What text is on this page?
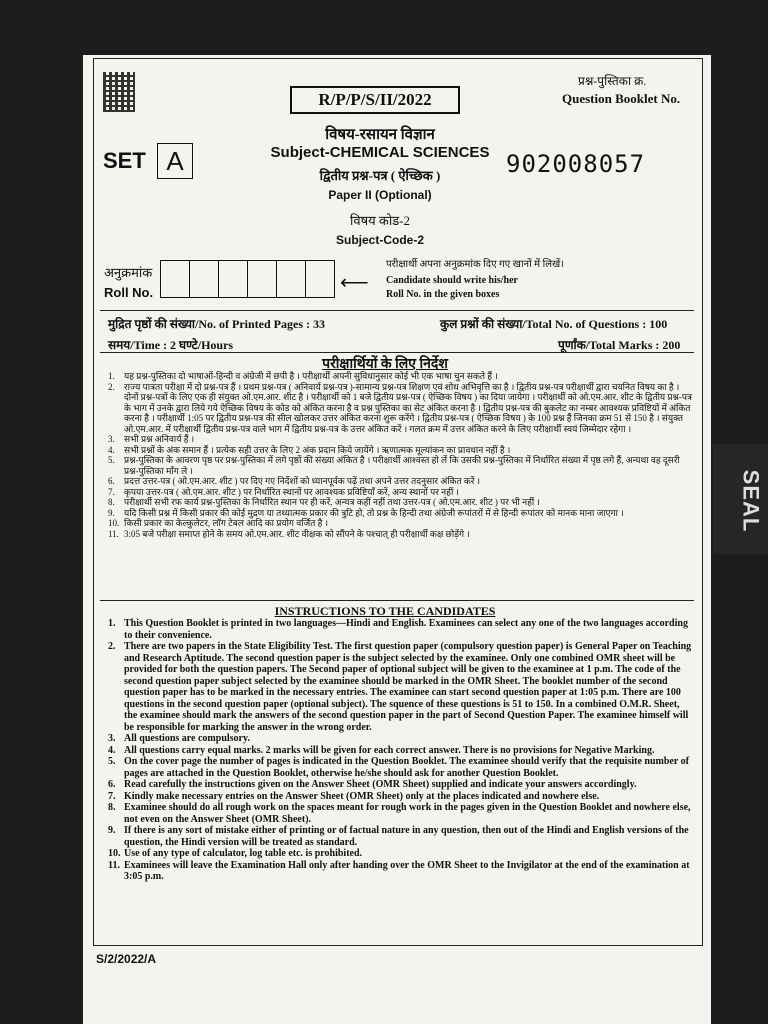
R/P/P/S/II/2022
प्रश्न-पुस्तिका क्र.
Question Booklet No.
SET A
विषय-रसायन विज्ञान
Subject-CHEMICAL SCIENCES
द्वितीय प्रश्न-पत्र ( ऐच्छिक )
Paper II (Optional)
विषय कोड-2
Subject-Code-2
902008057
अनुक्रमांक
Roll No.	⟵
परीक्षार्थी अपना अनुक्रमांक दिए गए खानों में लिखें।
Candidate should write his/her
Roll No. in the given boxes
मुद्रित पृष्ठों की संख्या/No. of Printed Pages : 33	कुल प्रश्नों की संख्या/Total No. of Questions : 100
समय/Time : 2 घण्टे/Hours	पूर्णांक/Total Marks : 200
परीक्षार्थियों के लिए निर्देश
1.	यह प्रश्न-पुस्तिका दो भाषाओं-हिन्दी व अंग्रेजी में छपी है । परीक्षार्थी अपनी सुविधानुसार कोई भी एक भाषा चुन सकते हैं ।
2.	राज्य पात्रता परीक्षा में दो प्रश्न-पत्र हैं । प्रथम प्रश्न-पत्र ( अनिवार्य प्रश्न-पत्र )-सामान्य प्रश्न-पत्र शिक्षण एवं शोध अभिवृत्ति का है । द्वितीय प्रश्न-पत्र परीक्षार्थी द्वारा चयनित विषय का है । दोनों प्रश्न-पत्रों के लिए एक ही संयुक्त ओ.एम.आर. शीट है । परीक्षार्थी को 1 बजे द्वितीय प्रश्न-पत्र ( ऐच्छिक विषय ) का दिया जायेगा । परीक्षार्थी को ओ.एम.आर. शीट के द्वितीय प्रश्न-पत्र के भाग में उनके द्वारा लिये गये ऐच्छिक विषय के कोड को अंकित करना है व प्रश्न पुस्तिका का सेट अंकित करना है । द्वितीय प्रश्न-पत्र की बुकलेट का नम्बर आवश्यक प्रविष्टियों में अंकित करना है । परीक्षार्थी 1:05 पर द्वितीय प्रश्न-पत्र की सील खोलकर उत्तर अंकित करना शुरू करेंगे । द्वितीय प्रश्न-पत्र ( ऐच्छिक विषय ) के 100 प्रश्न हैं जिनका क्रम 51 से 150 है । संयुक्त ओ.एम.आर. में परीक्षार्थी द्वितीय प्रश्न-पत्र वाले भाग में द्वितीय प्रश्न-पत्र के उत्तर अंकित करें । गलत क्रम में उत्तर अंकित करने के लिए परीक्षार्थी स्वयं जिम्मेदार रहेगा ।
3.	सभी प्रश्न अनिवार्य हैं ।
4.	सभी प्रश्नों के अंक समान हैं । प्रत्येक सही उत्तर के लिए 2 अंक प्रदान किये जायेंगे । ऋणात्मक मूल्यांकन का प्रावधान नहीं है ।
5.	प्रश्न-पुस्तिका के आवरण पृष्ठ पर प्रश्न-पुस्तिका में लगे पृष्ठों की संख्या अंकित है । परीक्षार्थी आश्वस्त हो लें कि उसकी प्रश्न-पुस्तिका में निर्धारित संख्या में पृष्ठ लगे हैं, अन्यथा वह दूसरी प्रश्न-पुस्तिका माँग ले ।
6.	प्रदत्त उत्तर-पत्र ( ओ.एम.आर. शीट ) पर दिए गए निर्देशों को ध्यानपूर्वक पढ़ें तथा अपने उत्तर तदनुसार अंकित करें ।
7.	कृपया उत्तर-पत्र ( ओ.एम.आर. शीट ) पर निर्धारित स्थानों पर आवश्यक प्रविष्टियाँ करें, अन्य स्थानों पर नहीं ।
8.	परीक्षार्थी सभी रफ कार्य प्रश्न-पुस्तिका के निर्धारित स्थान पर ही करें, अन्यत्र कहीं नहीं तथा उत्तर-पत्र ( ओ.एम.आर. शीट ) पर भी नहीं ।
9.	यदि किसी प्रश्न में किसी प्रकार की कोई मुद्रण या तथ्यात्मक प्रकार की त्रुटि हो, तो प्रश्न के हिन्दी तथा अंग्रेजी रूपांतरों में से हिन्दी रूपांतर को मानक माना जाएगा ।
10. किसी प्रकार का केल्कुलेटर, लॉग टेबल आदि का प्रयोग वर्जित है ।
11. 3:05 बजे परीक्षा समाप्त होने के समय ओ.एम.आर. शीट वीक्षक को सौंपने के पश्चात् ही परीक्षार्थी कक्ष छोड़ेंगे ।
INSTRUCTIONS TO THE CANDIDATES
1. This Question Booklet is printed in two languages—Hindi and English. Examinees can select any one of the two languages according to their convenience.
2. There are two papers in the State Eligibility Test. The first question paper (compulsory question paper) is General Paper on Teaching and Research Aptitude. The second question paper is the subject selected by the examinee. Only one combined OMR sheet will be provided for both the question papers. The Second paper of optional subject will be given to the examinee at 1 p.m. The code of the second question paper subject selected by the examinee should be marked in the OMR Sheet. The booklet number of the second question paper has to be marked in the necessary entries. The examinee can start second question paper at 1:05 p.m. There are 100 questions in the second question paper (optional subject). The squence of these questions is 51 to 150. In a combined O.M.R. Sheet, the examinee should mark the answers of the second question paper in the part of Second Question Paper. The examinee himself will be responsible for marking the answer in the wrong order.
3. All questions are compulsory.
4. All questions carry equal marks. 2 marks will be given for each correct answer. There is no provisions for Negative Marking.
5. On the cover page the number of pages is indicated in the Question Booklet. The examinee should verify that the requisite number of pages are attached in the Question Booklet, otherwise he/she should ask for another Question Booklet.
6. Read carefully the instructions given on the Answer Sheet (OMR Sheet) supplied and indicate your answers accordingly.
7. Kindly make necessary entries on the Answer Sheet (OMR Sheet) only at the places indicated and nowhere else.
8. Examinee should do all rough work on the spaces meant for rough work in the pages given in the Question Booklet and nowhere else, not even on the Answer Sheet (OMR Sheet).
9. If there is any sort of mistake either of printing or of factual nature in any question, then out of the Hindi and English versions of the question, the Hindi version will be treated as standard.
10. Use of any type of calculator, log table etc. is prohibited.
11. Examinees will leave the Examination Hall only after handing over the OMR Sheet to the Invigilator at the end of the examination at 3:05 p.m.
S/2/2022/A
SEAL
